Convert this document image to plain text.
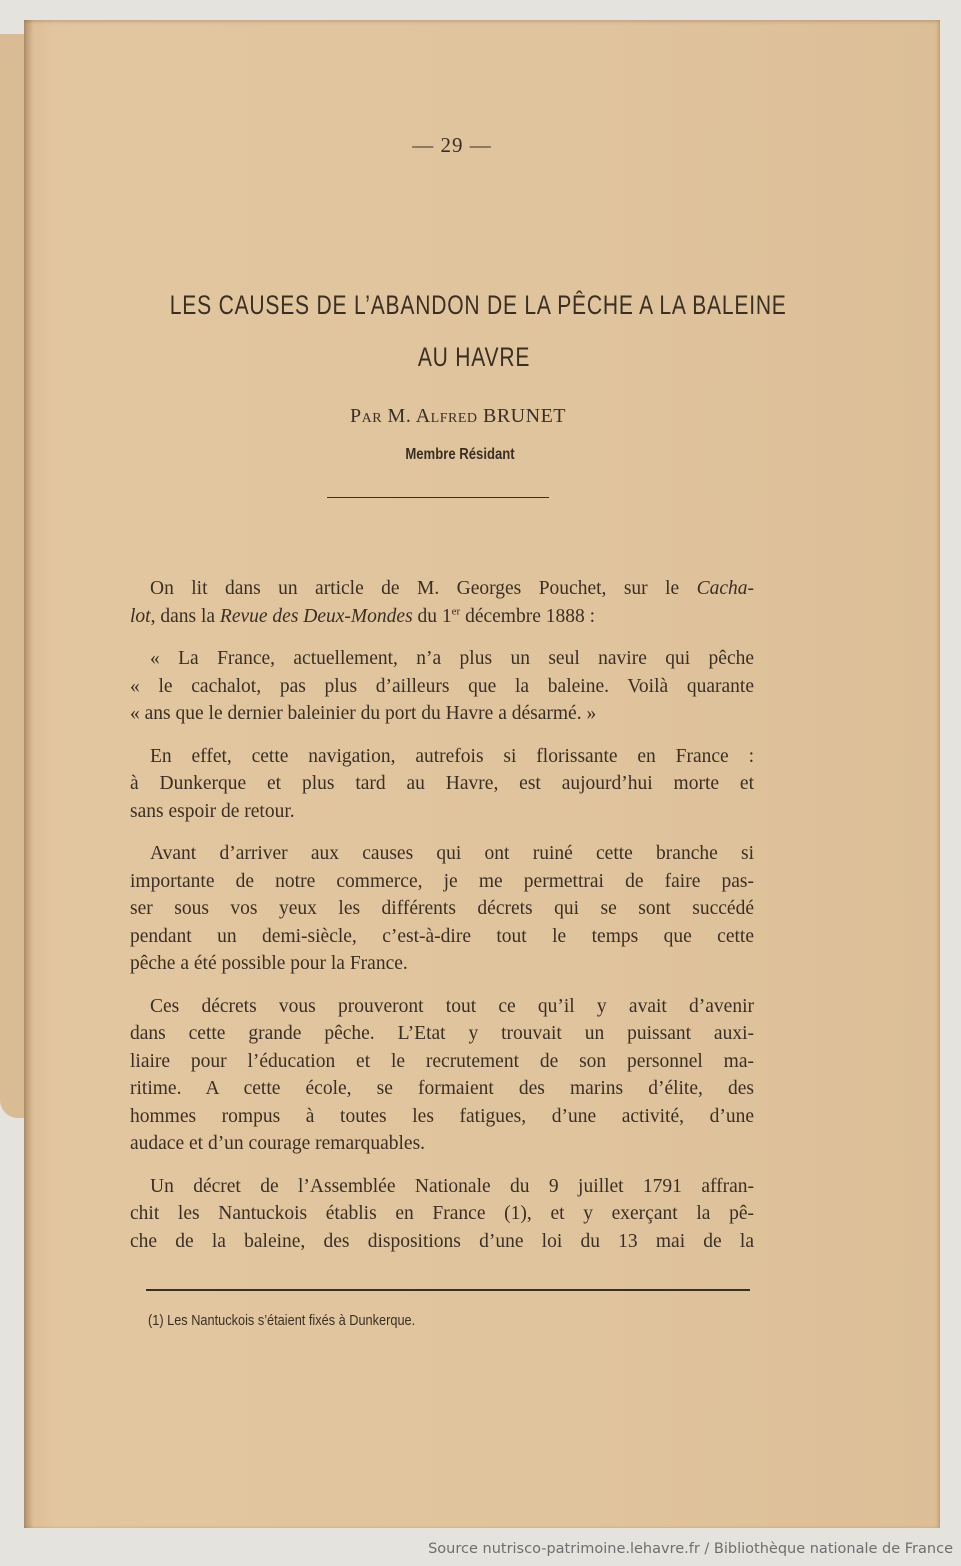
— 29 —
LES CAUSES DE L’ABANDON DE LA PÊCHE A LA BALEINE
AU HAVRE
Par M. Alfred BRUNET
Membre Résidant
On lit dans un article de M. Georges Pouchet, sur le Cacha-
lot, dans la Revue des Deux-Mondes du 1er décembre 1888 :
« La France, actuellement, n’a plus un seul navire qui pêche
« le cachalot, pas plus d’ailleurs que la baleine. Voilà quarante
« ans que le dernier baleinier du port du Havre a désarmé. »
En effet, cette navigation, autrefois si florissante en France :
à Dunkerque et plus tard au Havre, est aujourd’hui morte et
sans espoir de retour.
Avant d’arriver aux causes qui ont ruiné cette branche si
importante de notre commerce, je me permettrai de faire pas-
ser sous vos yeux les différents décrets qui se sont succédé
pendant un demi-siècle, c’est-à-dire tout le temps que cette
pêche a été possible pour la France.
Ces décrets vous prouveront tout ce qu’il y avait d’avenir
dans cette grande pêche. L’Etat y trouvait un puissant auxi-
liaire pour l’éducation et le recrutement de son personnel ma-
ritime. A cette école, se formaient des marins d’élite, des
hommes rompus à toutes les fatigues, d’une activité, d’une
audace et d’un courage remarquables.
Un décret de l’Assemblée Nationale du 9 juillet 1791 affran-
chit les Nantuckois établis en France (1), et y exerçant la pê-
che de la baleine, des dispositions d’une loi du 13 mai de la
(1) Les Nantuckois s’étaient fixés à Dunkerque.
Source nutrisco-patrimoine.lehavre.fr / Bibliothèque nationale de France
